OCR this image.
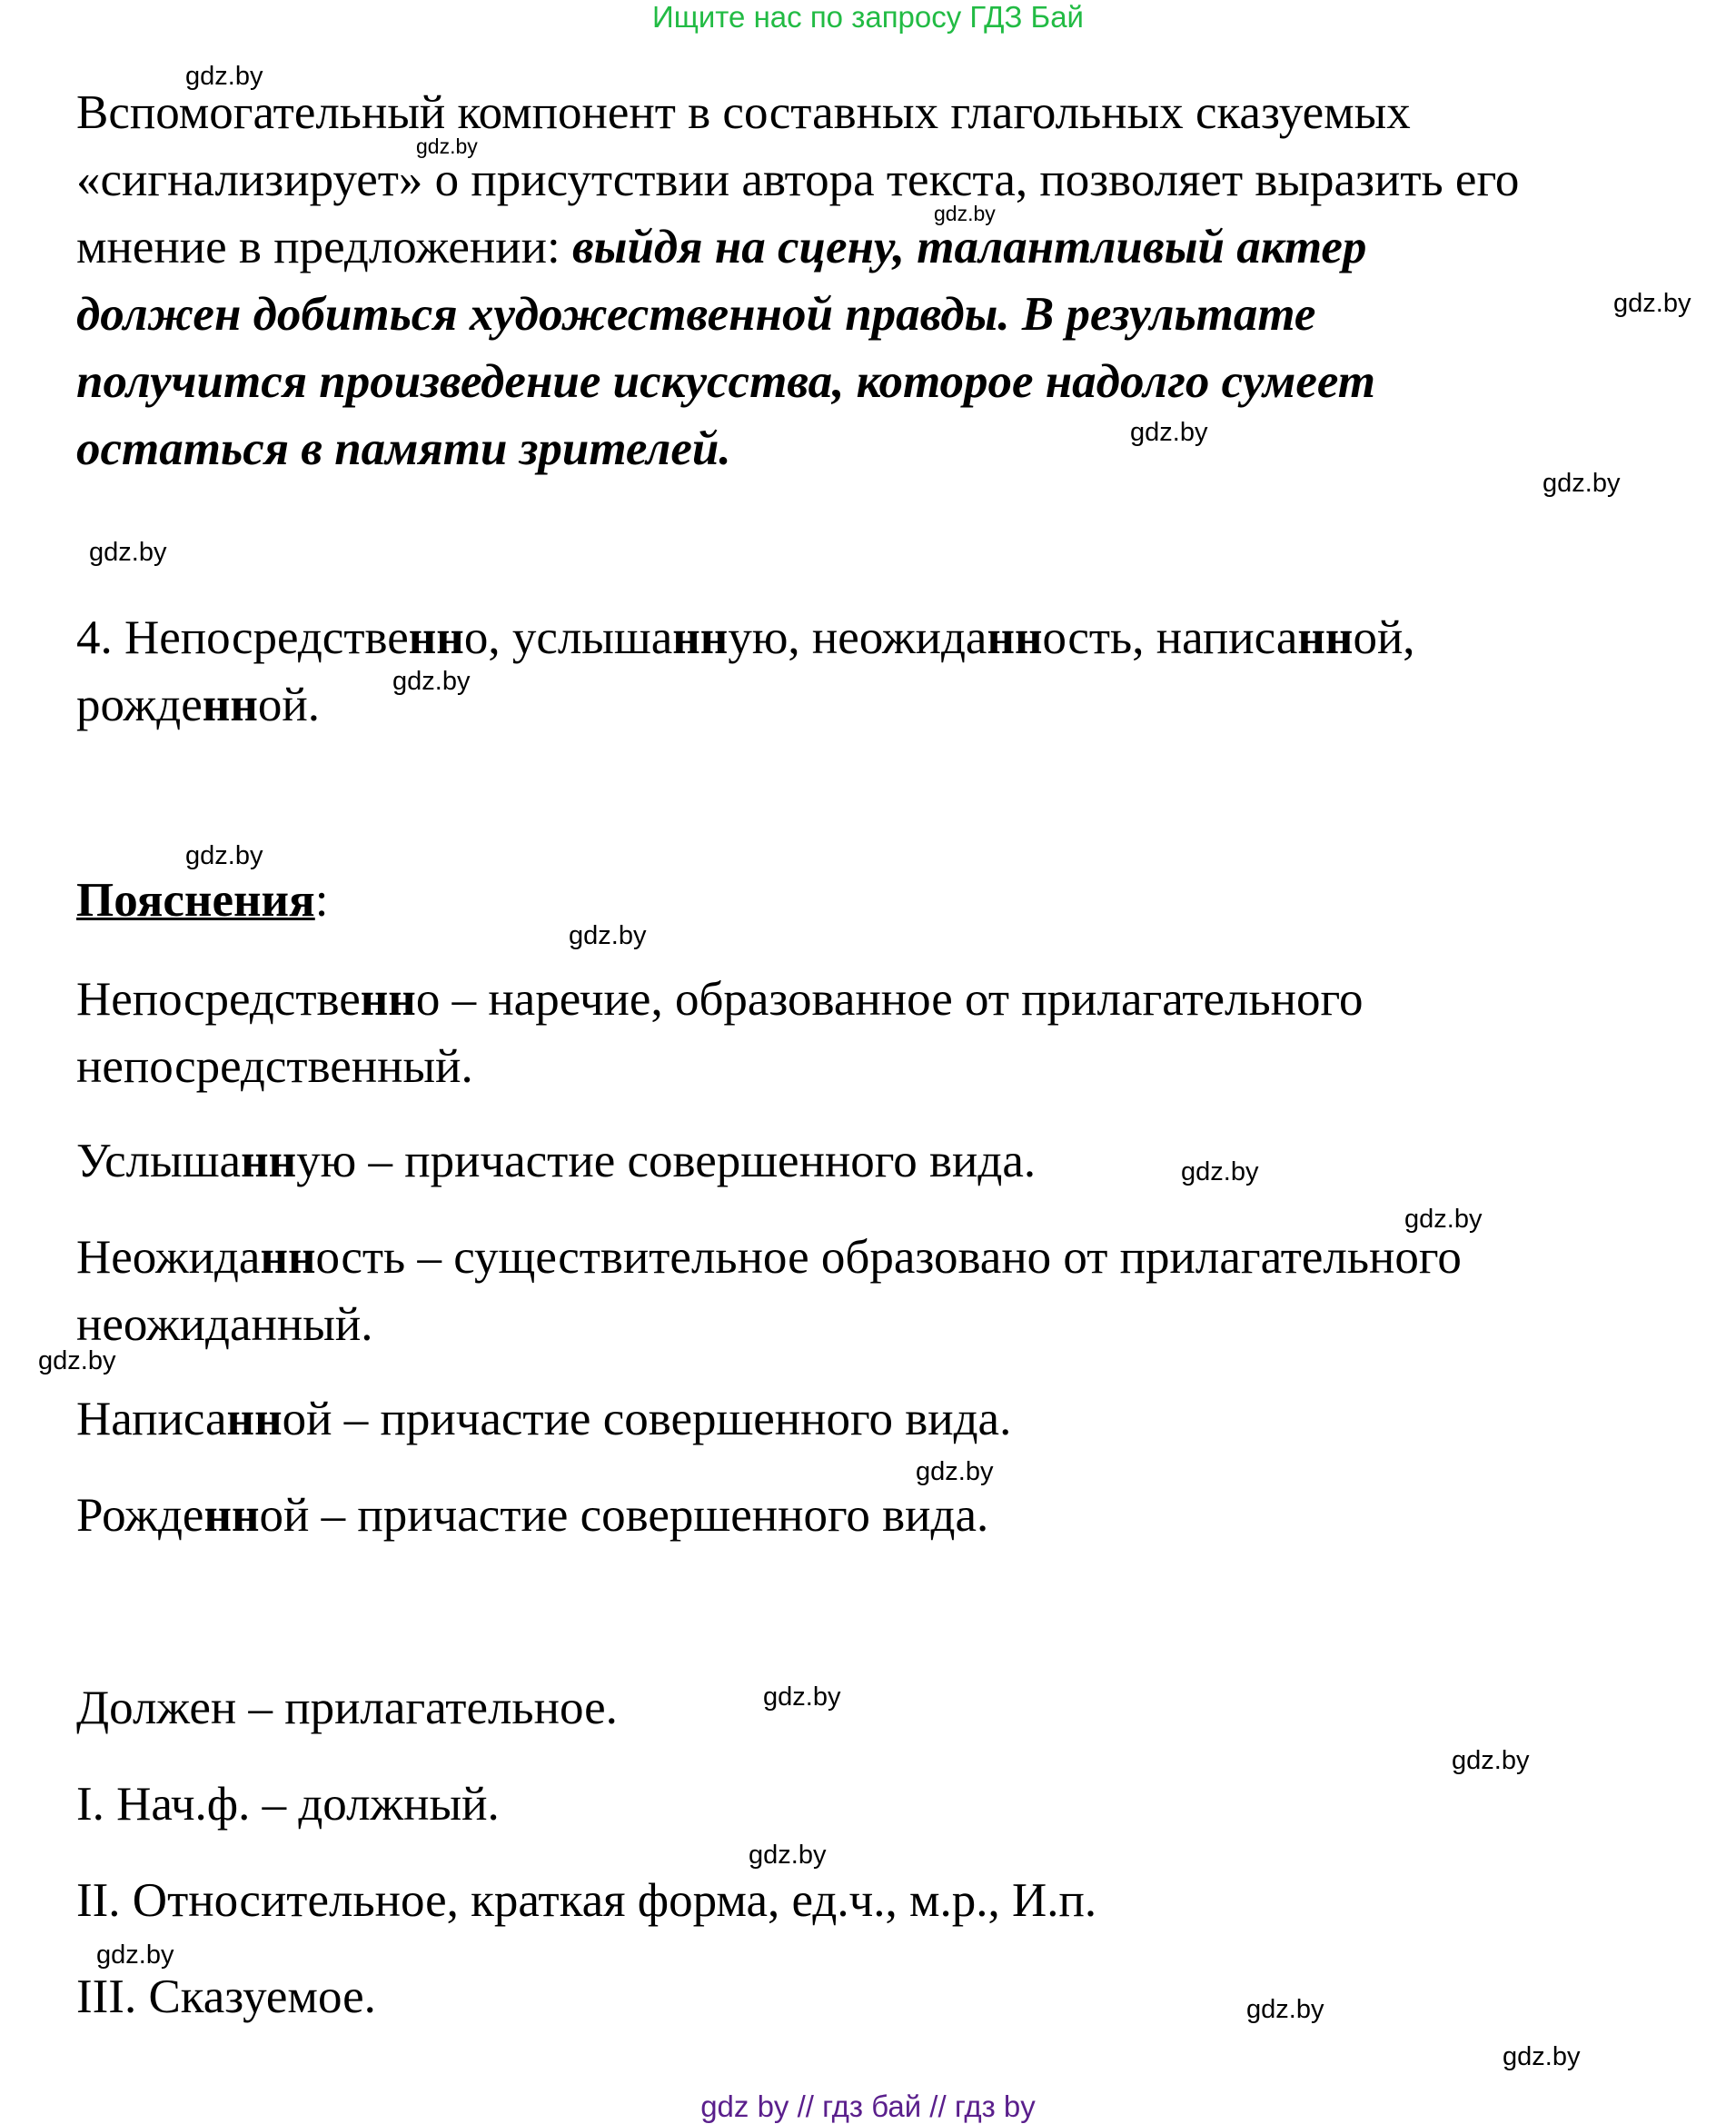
Ищите нас по запросу ГДЗ Бай
Вспомогательный компонент в составных глагольных сказуемых
«сигнализирует» о присутствии автора текста, позволяет выразить его
мнение в предложении: выйдя на сцену, талантливый актер
должен добиться художественной правды. В результате
получится произведение искусства, которое надолго сумеет
остаться в памяти зрителей.
4. Непосредственно, услышанную, неожиданность, написанной,
рожденной.
Пояснения:
Непосредственно – наречие, образованное от прилагательного
непосредственный.
Услышанную – причастие совершенного вида.
Неожиданность – существительное образовано от прилагательного
неожиданный.
Написанной – причастие совершенного вида.
Рожденной – причастие совершенного вида.
Должен – прилагательное.
I. Нач.ф. – должный.
II. Относительное, краткая форма, ед.ч., м.р., И.п.
III. Сказуемое.
gdz.by
gdz.by
gdz.by
gdz.by
gdz.by
gdz.by
gdz.by
gdz.by
gdz.by
gdz.by
gdz.by
gdz.by
gdz.by
gdz.by
gdz.by
gdz.by
gdz.by
gdz.by
gdz.by
gdz.by
gdz by // гдз бай // гдз by
